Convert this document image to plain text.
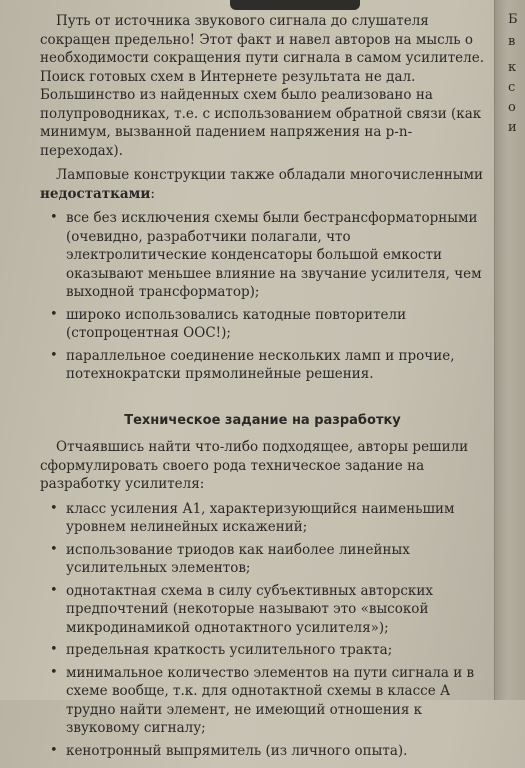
Б
в
к
с
о
и

Путь от источника звукового сигнала до слушателя сокращен предельно! Этот факт и навел авторов на мысль о необходимости сокращения пути сигнала в самом усилителе. Поиск готовых схем в Интернете результата не дал. Большинство из найденных схем было реализовано на полупроводниках, т.е. с использованием обратной связи (как минимум, вызванной падением напряжения на p-n-переходах).

Ламповые конструкции также обладали многочисленными недостатками:

• все без исключения схемы были бестрансформаторными (очевидно, разработчики полагали, что электролитические конденсаторы большой емкости оказывают меньшее влияние на звучание усилителя, чем выходной трансформатор);
• широко использовались катодные повторители (стопроцентная ООС!);
• параллельное соединение нескольких ламп и прочие, потехнократски прямолинейные решения.
Техническое задание на разработку

Отчаявшись найти что-либо подходящее, авторы решили сформулировать своего рода техническое задание на разработку усилителя:

• класс усиления А1, характеризующийся наименьшим уровнем нелинейных искажений;
• использование триодов как наиболее линейных усилительных элементов;
• однотактная схема в силу субъективных авторских предпочтений (некоторые называют это «высокой микродинамикой однотактного усилителя»);
• предельная краткость усилительного тракта;
• минимальное количество элементов на пути сигнала и в схеме вообще, т.к. для однотактной схемы в классе А трудно найти элемент, не имеющий отношения к звуковому сигналу;
• кенотронный выпрямитель (из личного опыта).
